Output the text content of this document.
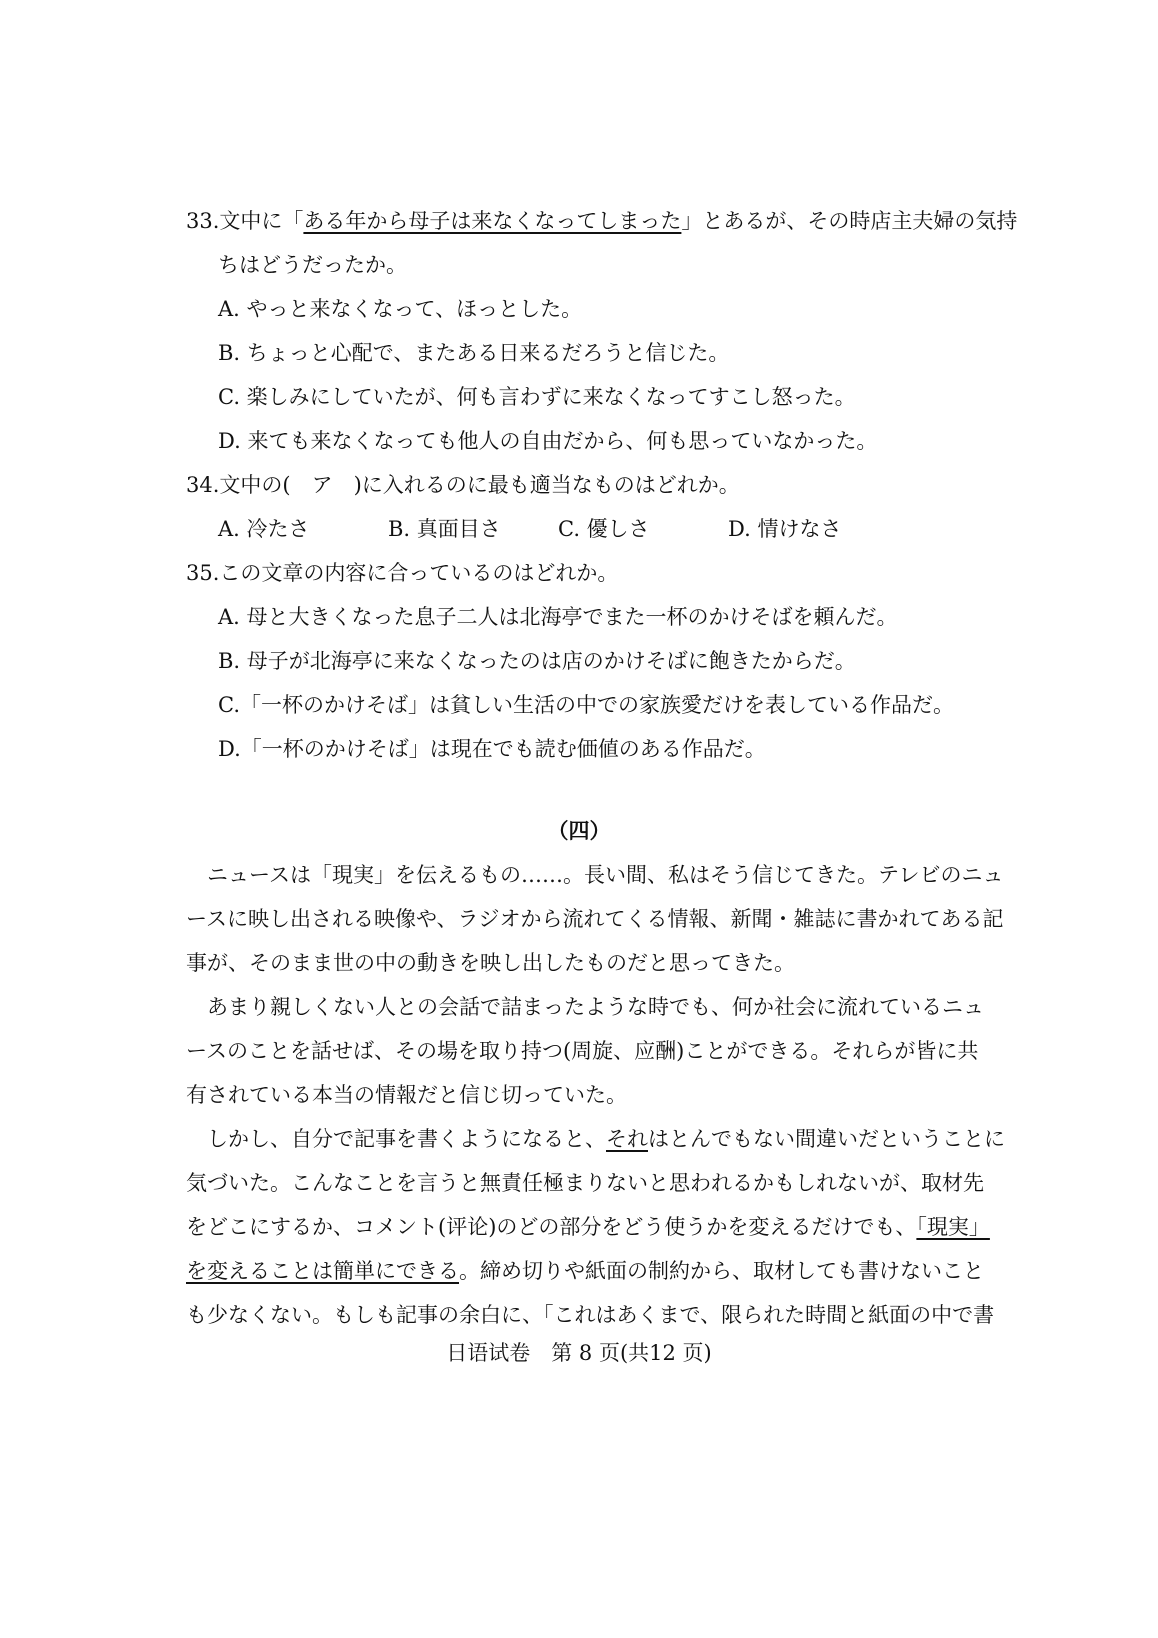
33.文中に「ある年から母子は来なくなってしまった」とあるが、その時店主夫婦の気持
ちはどうだったか。
A. やっと来なくなって、ほっとした。
B. ちょっと心配で、またある日来るだろうと信じた。
C. 楽しみにしていたが、何も言わずに来なくなってすこし怒った。
D. 来ても来なくなっても他人の自由だから、何も思っていなかった。
34.文中の(　ア　)に入れるのに最も適当なものはどれか。
A. 冷たさ	B. 真面目さ	C. 優しさ	D. 情けなさ
35.この文章の内容に合っているのはどれか。
A. 母と大きくなった息子二人は北海亭でまた一杯のかけそばを頼んだ。
B. 母子が北海亭に来なくなったのは店のかけそばに飽きたからだ。
C.「一杯のかけそば」は貧しい生活の中での家族愛だけを表している作品だ。
D.「一杯のかけそば」は現在でも読む価値のある作品だ。
（四）
　ニュースは「現実」を伝えるもの……。長い間、私はそう信じてきた。テレビのニュ
ースに映し出される映像や、ラジオから流れてくる情報、新聞・雑誌に書かれてある記
事が、そのまま世の中の動きを映し出したものだと思ってきた。
　あまり親しくない人との会話で詰まったような時でも、何か社会に流れているニュ
ースのことを話せば、その場を取り持つ(周旋、应酬)ことができる。それらが皆に共
有されている本当の情報だと信じ切っていた。
　しかし、自分で記事を書くようになると、それはとんでもない間違いだということに
気づいた。こんなことを言うと無責任極まりないと思われるかもしれないが、取材先
をどこにするか、コメント(评论)のどの部分をどう使うかを変えるだけでも、「現実」
を変えることは簡単にできる。締め切りや紙面の制約から、取材しても書けないこと
も少なくない。もしも記事の余白に、「これはあくまで、限られた時間と紙面の中で書
日语试卷　第 8 页(共12 页)
